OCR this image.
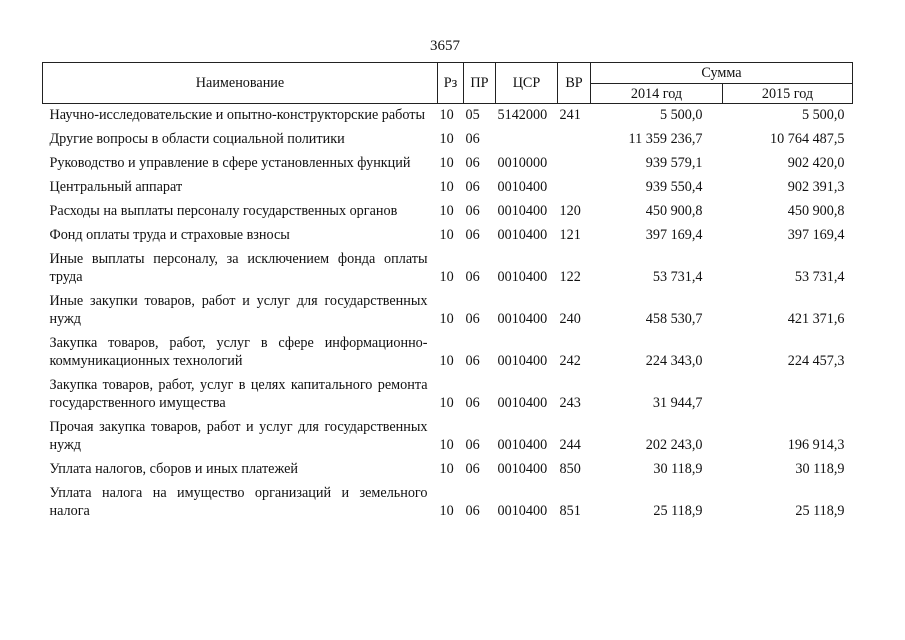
3657
Наименование	Рз	ПР	ЦСР	ВР	Сумма	
					2014 год	2015 год
Научно-исследовательские и опытно-конструкторские работы	10	05	5142000	241	5 500,0	5 500,0
Другие вопросы в области социальной политики	10	06			11 359 236,7	10 764 487,5
Руководство и управление в сфере установленных функций	10	06	0010000		939 579,1	902 420,0
Центральный аппарат	10	06	0010400		939 550,4	902 391,3
Расходы на выплаты персоналу государственных органов	10	06	0010400	120	450 900,8	450 900,8
Фонд оплаты труда и страховые взносы	10	06	0010400	121	397 169,4	397 169,4
Иные выплаты персоналу, за исключением фонда оплаты труда	10	06	0010400	122	53 731,4	53 731,4
Иные закупки товаров, работ и услуг для государственных нужд	10	06	0010400	240	458 530,7	421 371,6
Закупка товаров, работ, услуг в сфере информационно-коммуникационных технологий	10	06	0010400	242	224 343,0	224 457,3
Закупка товаров, работ, услуг в целях капитального ремонта государственного имущества	10	06	0010400	243	31 944,7	
Прочая закупка товаров, работ и услуг для государственных нужд	10	06	0010400	244	202 243,0	196 914,3
Уплата налогов, сборов и иных платежей	10	06	0010400	850	30 118,9	30 118,9
Уплата налога на имущество организаций и земельного налога	10	06	0010400	851	25 118,9	25 118,9
